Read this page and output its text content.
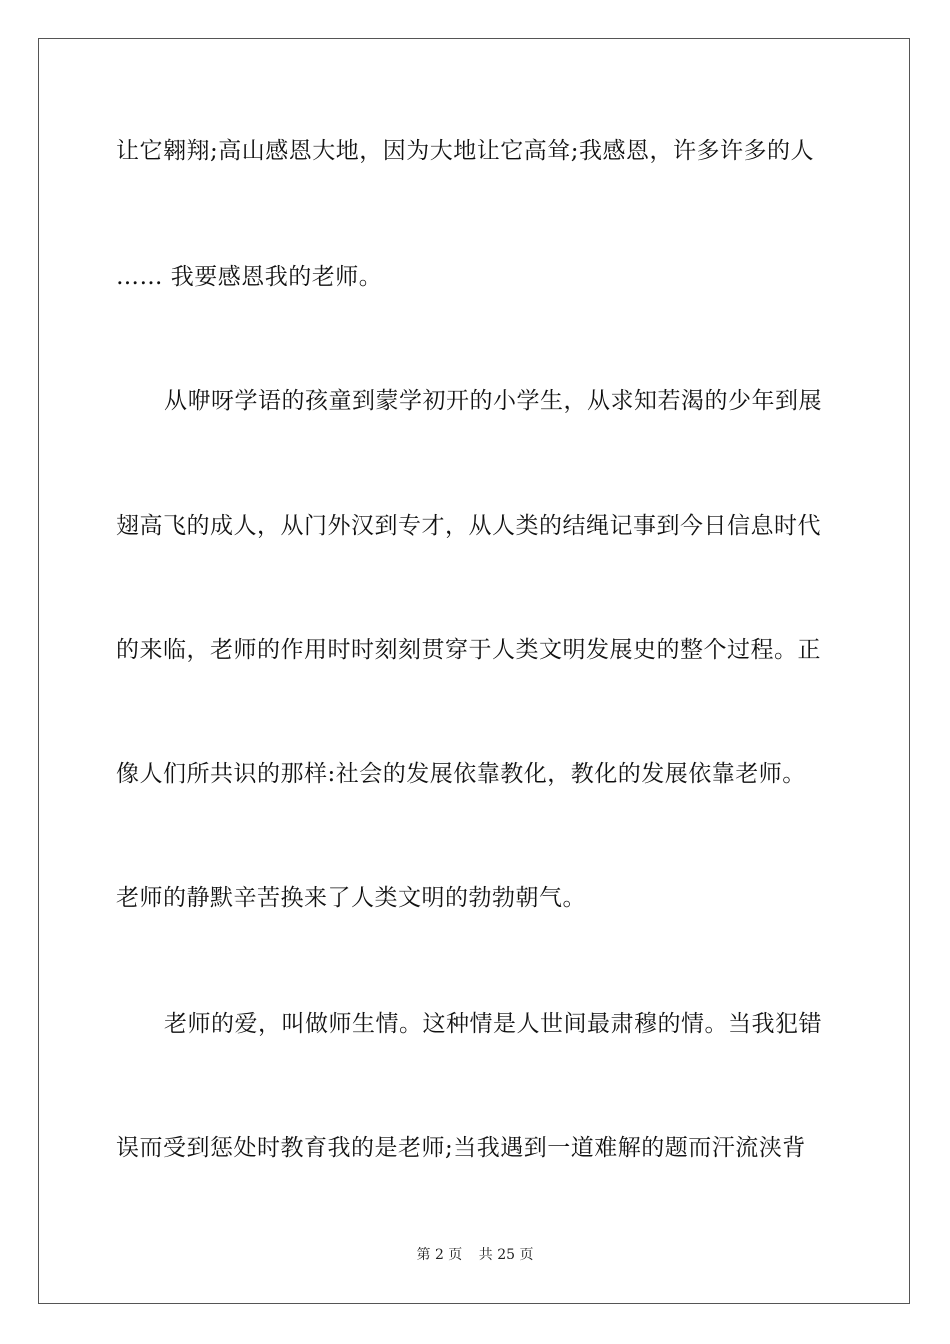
让它翱翔;高山感恩大地，因为大地让它高耸;我感恩，许多许多的人
…… 我要感恩我的老师。
从咿呀学语的孩童到蒙学初开的小学生，从求知若渴的少年到展
翅高飞的成人，从门外汉到专才，从人类的结绳记事到今日信息时代
的来临，老师的作用时时刻刻贯穿于人类文明发展史的整个过程。正
像人们所共识的那样:社会的发展依靠教化，教化的发展依靠老师。
老师的静默辛苦换来了人类文明的勃勃朝气。
老师的爱，叫做师生情。这种情是人世间最肃穆的情。当我犯错
误而受到惩处时教育我的是老师;当我遇到一道难解的题而汗流浃背
第 2 页 共 25 页
